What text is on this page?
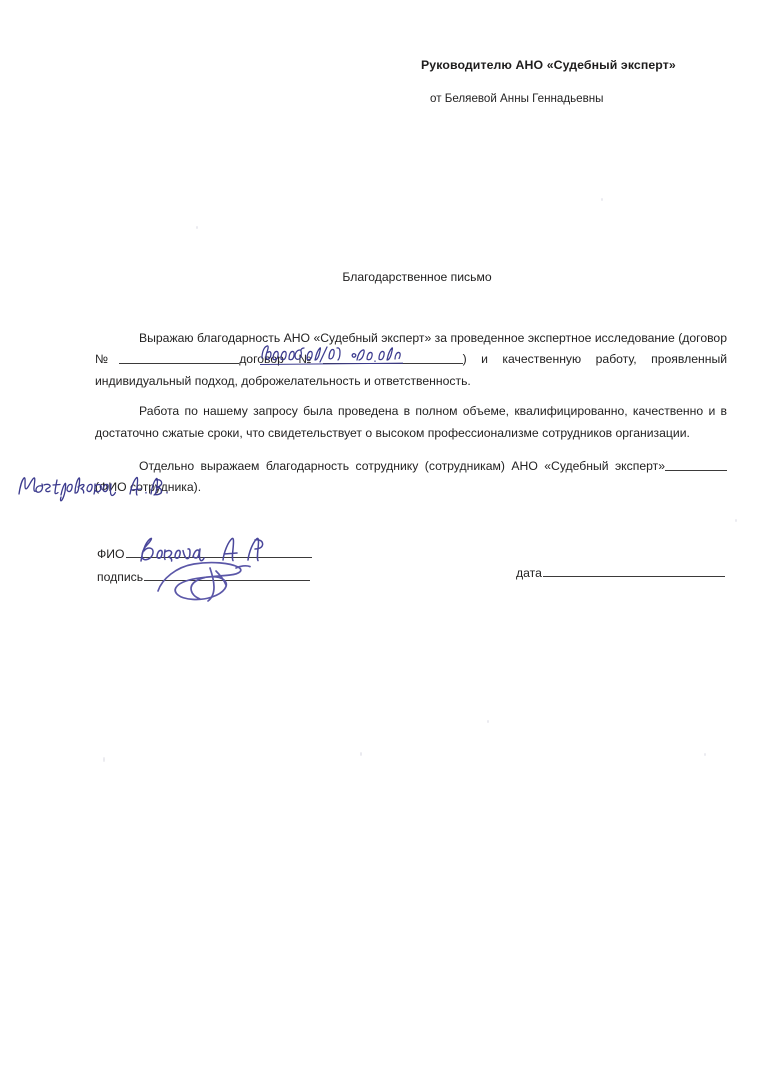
Руководителю АНО «Судебный эксперт»
от Беляевой Анны Геннадьевны
Благодарственное письмо

Выражаю благодарность АНО «Судебный эксперт» за проведенное экспертное исследование (договор №	договор №	) и качественную работу, проявленный индивидуальный подход, доброжелательность и ответственность.

Работа по нашему запросу была проведена в полном объеме, квалифицированно, качественно и в достаточно сжатые сроки, что свидетельствует о высоком профессионализме сотрудников организации.

Отдельно выражаем благодарность сотруднику (сотрудникам) АНО «Судебный эксперт»(ФИО сотрудника).

ФИО
подпись	дата
